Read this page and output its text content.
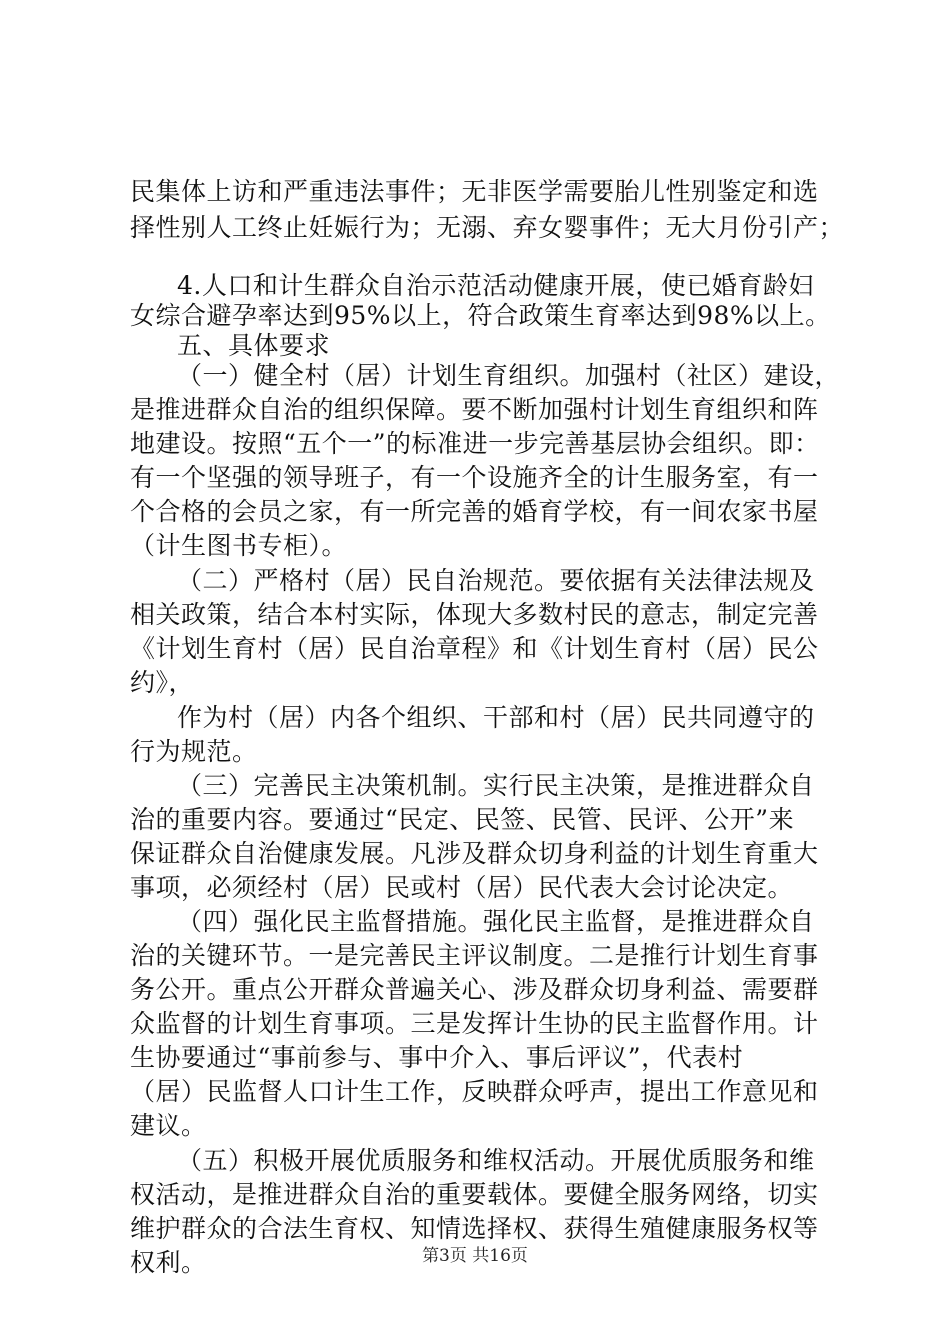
民集体上访和严重违法事件；无非医学需要胎儿性别鉴定和选
择性别人工终止妊娠行为；无溺、弃女婴事件；无大月份引产；
4.人口和计生群众自治示范活动健康开展，使已婚育龄妇
女综合避孕率达到95%以上，符合政策生育率达到98%以上。
五、具体要求
（一）健全村（居）计划生育组织。加强村（社区）建设，
是推进群众自治的组织保障。要不断加强村计划生育组织和阵
地建设。按照“五个一”的标准进一步完善基层协会组织。即：
有一个坚强的领导班子，有一个设施齐全的计生服务室，有一
个合格的会员之家，有一所完善的婚育学校，有一间农家书屋
（计生图书专柜）。
（二）严格村（居）民自治规范。要依据有关法律法规及
相关政策，结合本村实际，体现大多数村民的意志，制定完善
《计划生育村（居）民自治章程》和《计划生育村（居）民公
约》，
作为村（居）内各个组织、干部和村（居）民共同遵守的
行为规范。
（三）完善民主决策机制。实行民主决策，是推进群众自
治的重要内容。要通过“民定、民签、民管、民评、公开”来
保证群众自治健康发展。凡涉及群众切身利益的计划生育重大
事项，必须经村（居）民或村（居）民代表大会讨论决定。
（四）强化民主监督措施。强化民主监督，是推进群众自
治的关键环节。一是完善民主评议制度。二是推行计划生育事
务公开。重点公开群众普遍关心、涉及群众切身利益、需要群
众监督的计划生育事项。三是发挥计生协的民主监督作用。计
生协要通过“事前参与、事中介入、事后评议”，代表村
（居）民监督人口计生工作，反映群众呼声，提出工作意见和
建议。
（五）积极开展优质服务和维权活动。开展优质服务和维
权活动，是推进群众自治的重要载体。要健全服务网络，切实
维护群众的合法生育权、知情选择权、获得生殖健康服务权等
权利。	第3页 共16页
